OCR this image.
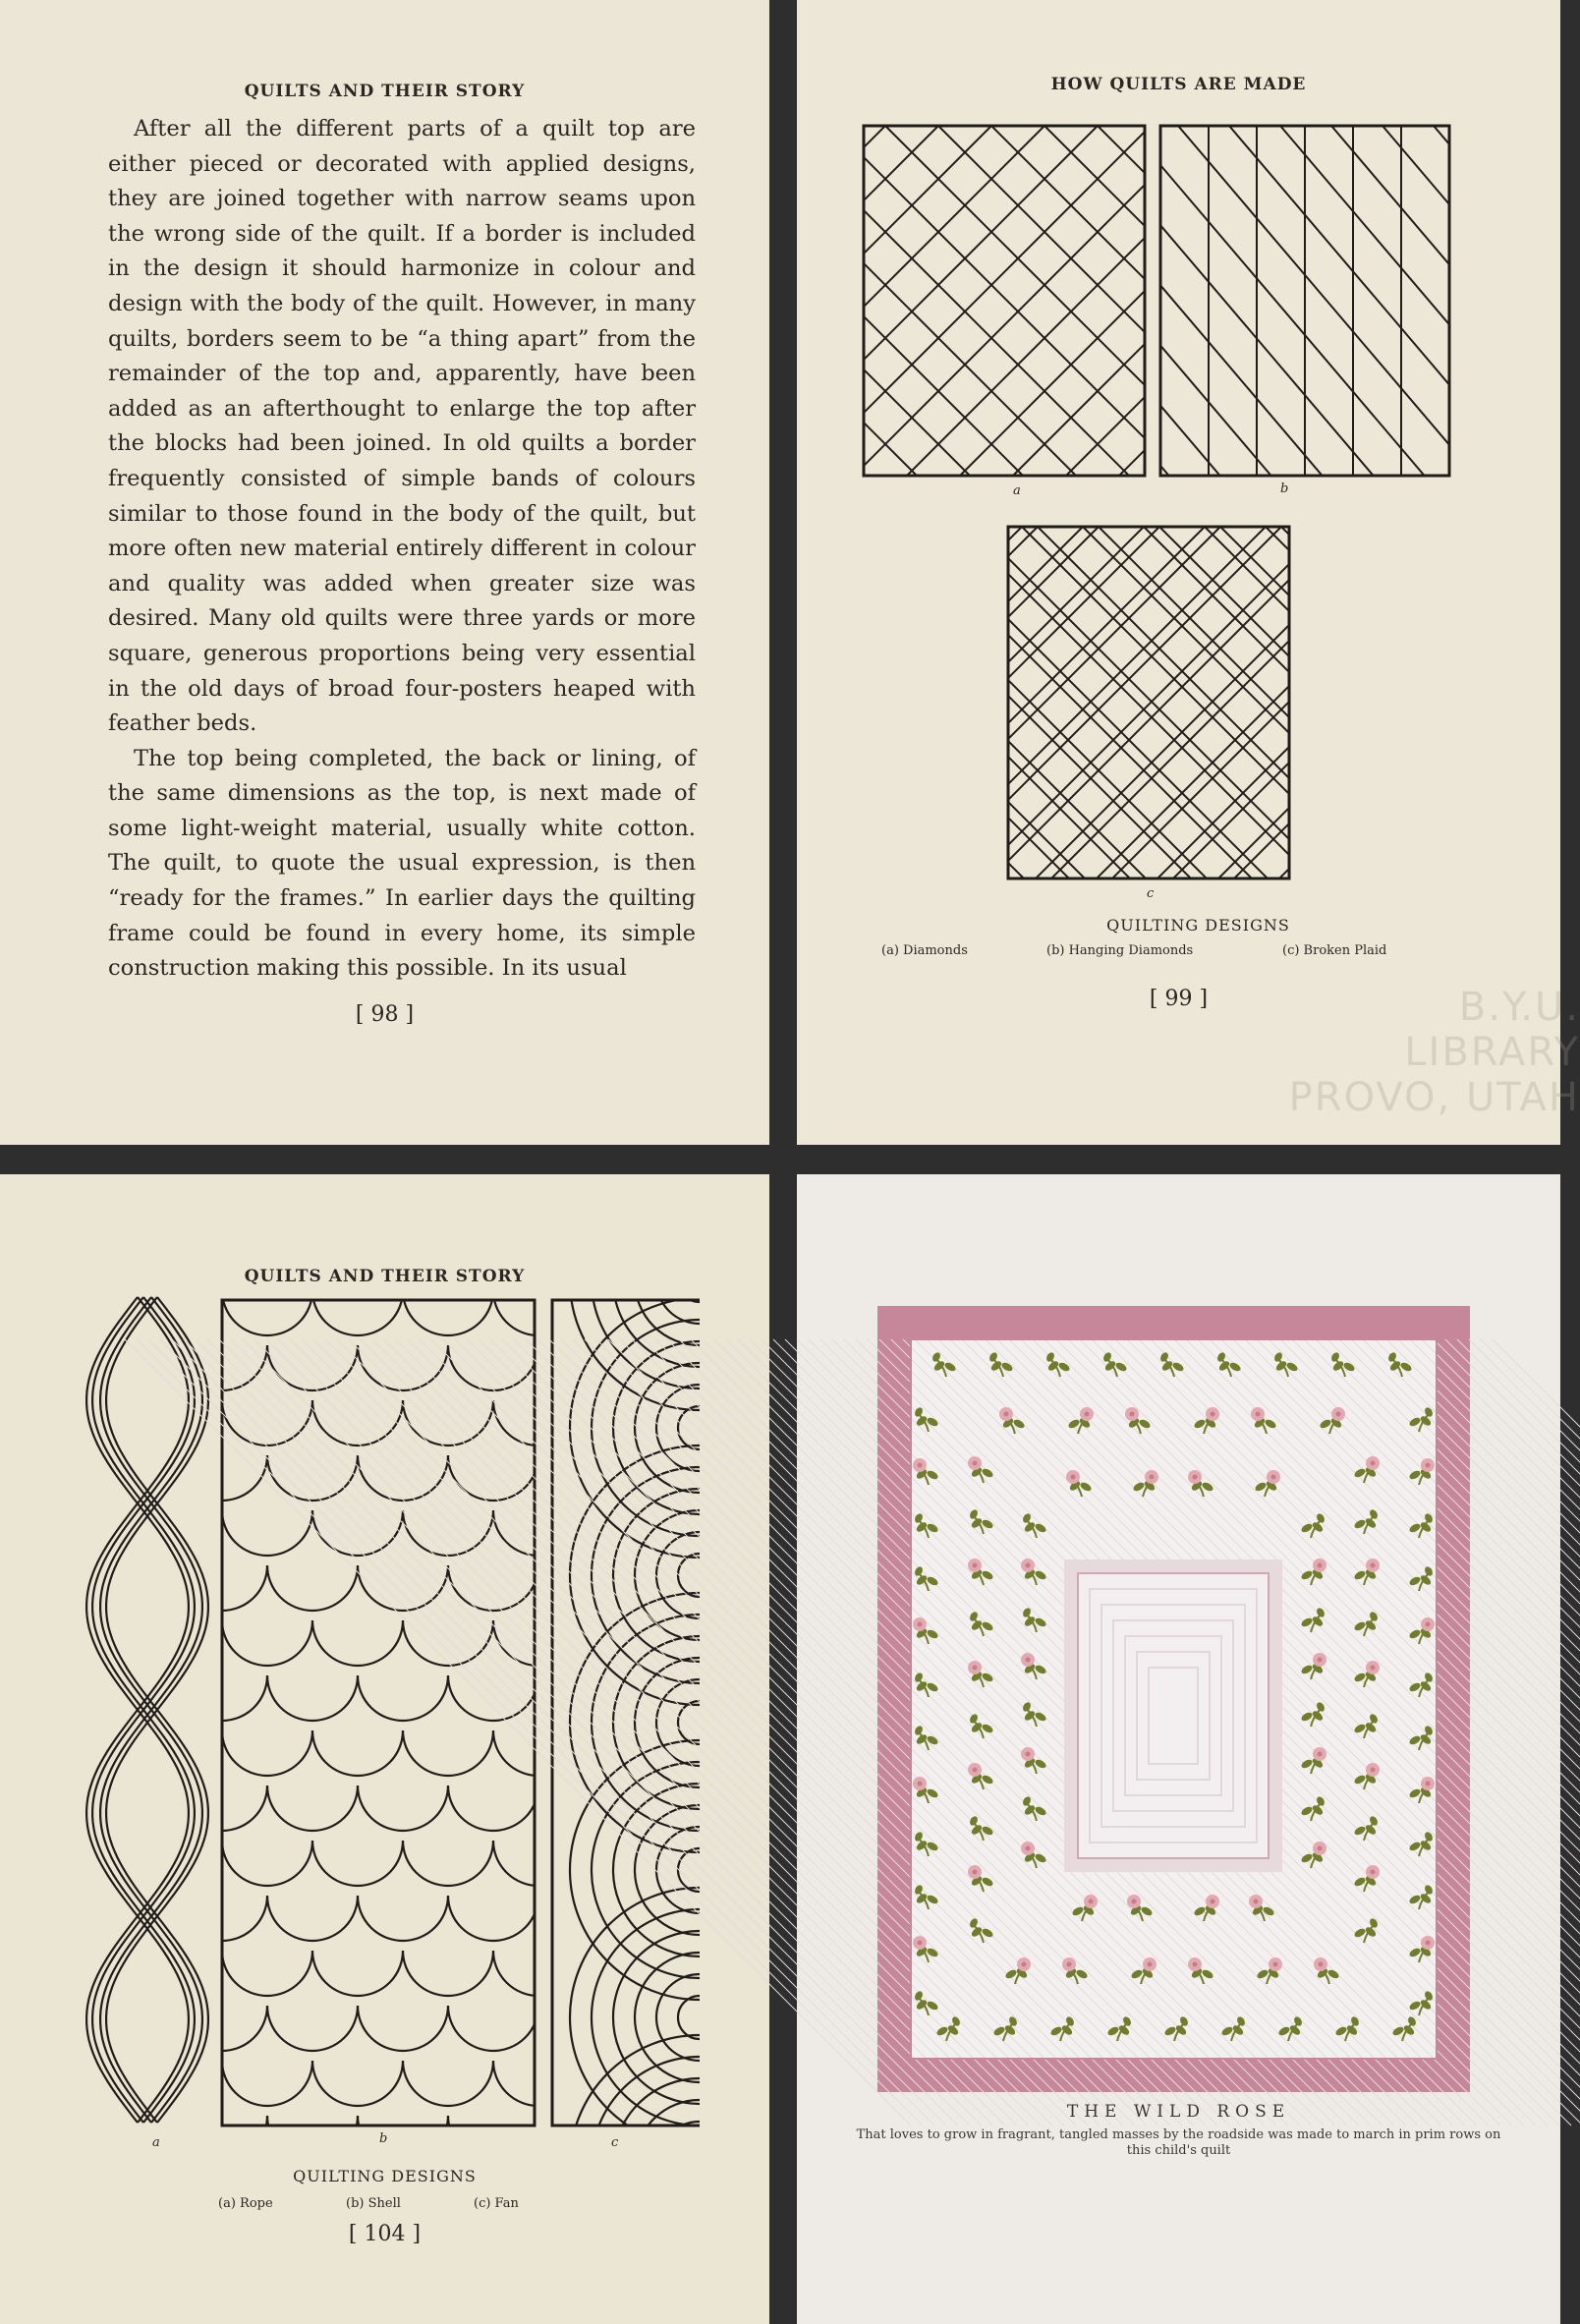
QUILTS AND THEIR STORY

After all the different parts of a quilt top are either pieced or decorated with applied designs, they are joined together with narrow seams upon the wrong side of the quilt. If a border is included in the design it should harmonize in colour and design with the body of the quilt. However, in many quilts, borders seem to be “a thing apart” from the remainder of the top and, apparently, have been added as an afterthought to enlarge the top after the blocks had been joined. In old quilts a border frequently consisted of simple bands of colours similar to those found in the body of the quilt, but more often new material entirely different in colour and quality was added when greater size was desired. Many old quilts were three yards or more square, generous proportions being very essential in the old days of broad four-posters heaped with feather beds.

The top being completed, the back or lining, of the same dimensions as the top, is next made of some light-weight material, usually white cotton. The quilt, to quote the usual expression, is then “ready for the frames.” In earlier days the quilting frame could be found in every home, its simple construction making this possible. In its usual

[ 98 ]
HOW QUILTS ARE MADE
a	b
c
QUILTING DESIGNS
(a) Diamonds	(b) Hanging Diamonds	(c) Broken Plaid
[ 99 ]	B.Y.U.
LIBRARY
PROVO, UTAH
QUILTS AND THEIR STORY
a	b	c
QUILTING DESIGNS
(a) Rope	(b) Shell	(c) Fan
[ 104 ]
THE WILD ROSE
That loves to grow in fragrant, tangled masses by the roadside was made to march in prim rows on this child's quilt
